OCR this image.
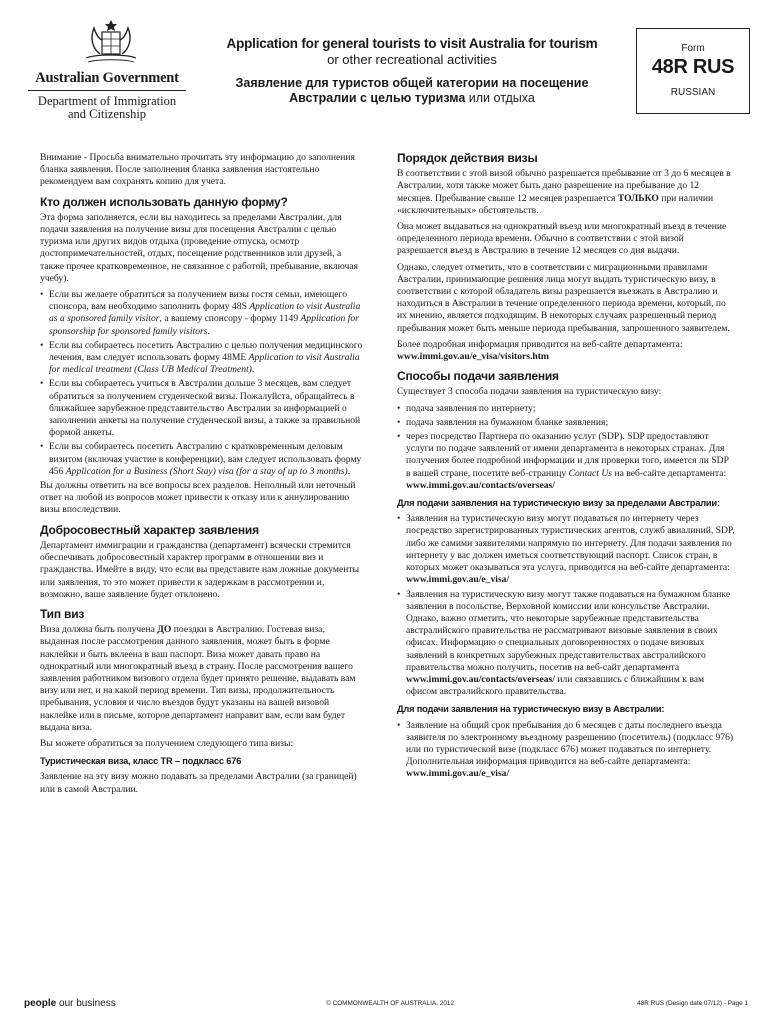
Australian Government
Department of Immigration
and Citizenship
Application for general tourists to visit Australia for tourism
or other recreational activities
Заявление для туристов общей категории на посещение
Австралии с целью туризма или отдыха
Form
48R RUS
RUSSIAN

Внимание - Просьба внимательно прочитать эту информацию до заполнения бланка заявления. После заполнения бланка заявления настоятельно рекомендуем вам сохранять копию для учета.

Кто должен использовать данную форму?

Эта форма заполняется, если вы находитесь за пределами Австралии, для подачи заявления на получение визы для посещения Австралии с целью туризма или других видов отдыха (проведение отпуска, осмотр достопримечательностей, отдых, посещение родственников или друзей, а также прочее кратковременное, не связанное с работой, пребывание, включая учебу).

• Если вы желаете обратиться за получением визы гостя семьи, имеющего спонсора, вам необходимо заполнить форму 48S Application to visit Australia as a sponsored family visitor, а вашему спонсору - форму 1149 Application for sponsorship for sponsored family visitors.
• Если вы собираетесь посетить Австралию с целью получения медицинского лечения, вам следует использовать форму 48ME Application to visit Australia for medical treatment (Class UB Medical Treatment).
• Если вы собираетесь учиться в Австралии дольше 3 месяцев, вам следует обратиться за получением студенческой визы. Пожалуйста, обращайтесь в ближайшее зарубежное представительство Австралии за информацией о заполнении анкеты на получение студенческой визы, а также за правильной формой анкеты.
• Если вы собираетесь посетить Австралию с кратковременным деловым визитом (включая участие в конференции), вам следует использовать форму 456 Application for a Business (Short Stay) visa (for a stay of up to 3 months).

Вы должны ответить на все вопросы всех разделов. Неполный или неточный ответ на любой из вопросов может привести к отказу или к аннулированию визы впоследствии.

Добросовестный характер заявления

Департамент иммиграции и гражданства (департамент) всячески стремится обеспечивать добросовестный характер программ в отношении виз и гражданства. Имейте в виду, что если вы представите нам ложные документы или заявления, то это может привести к задержкам в рассмотрении и, возможно, ваше заявление будет отклонено.

Тип виз

Виза должна быть получена ДО поездки в Австралию. Гостевая виза, выданная после рассмотрения данного заявления, может быть в форме наклейки и быть вклеена в ваш паспорт. Виза может давать право на однократный или многократный въезд в страну. После рассмотрения вашего заявления работником визового отдела будет принято решение, выдавать вам визу или нет, и на какой период времени. Тип визы, продолжительность пребывания, условия и число въездов будут указаны на вашей визовой наклейке или в письме, которое департамент направит вам, если вам будет выдана виза.

Вы можете обратиться за получением следующего типа визы:

Туристическая виза, класс TR – подкласс 676

Заявление на эту визу можно подавать за пределами Австралии (за границей) или в самой Австралии.

Порядок действия визы

В соответствии с этой визой обычно разрешается пребывание от 3 до 6 месяцев в Австралии, хотя также может быть дано разрешение на пребывание до 12 месяцев. Пребывание свыше 12 месяцев разрешается ТОЛЬКО при наличии «исключительных» обстоятельств.

Она может выдаваться на однократный въезд или многократный въезд в течение определенного периода времени. Обычно в соответствии с этой визой разрешается въезд в Австралию в течение 12 месяцев со дня выдачи.

Однако, следует отметить, что в соответствии с миграционными правилами Австралии, принимающие решения лица могут выдать туристическую визу, в соответствии с которой обладатель визы разрешается въезжать в Австралию и находиться в Австралии в течение определенного периода времени, который, по их мнению, является подходящим. В некоторых случаях разрешенный период пребывания может быть меньше периода пребывания, запрошенного заявителем.

Более подробная информация приводится на веб-сайте департамента:
www.immi.gov.au/e_visa/visitors.htm

Способы подачи заявления

Существует 3 способа подачи заявления на туристическую визу:

• подача заявления по интернету;
• подача заявления на бумажном бланке заявления;
• через посредство Партнера по оказанию услуг (SDP). SDP предоставляют услуги по подаче заявлений от имени департамента в некоторых странах. Для получения более подробной информации и для проверки того, имеется ли SDP в вашей стране, посетите веб-страницу Contact Us на веб-сайте департамента:
www.immi.gov.au/contacts/overseas/
Для подачи заявления на туристическую визу за пределами Австралии:
• Заявления на туристическую визу могут подаваться по интернету через посредство зарегистрированных туристических агентов, служб авиалиний, SDP, либо же самими заявителями напрямую по интернету. Для подачи заявления по интернету у вас должен иметься соответствующий паспорт. Список стран, в которых может оказываться эта услуга, приводится на веб-сайте департамента:
www.immi.gov.au/e_visa/
• Заявления на туристическую визу могут также подаваться на бумажном бланке заявления в посольстве, Верховной комиссии или консульстве Австралии. Однако, важно отметить, что некоторые зарубежные представительства австралийского правительства не рассматривают визовые заявления в своих офисах. Информацию о специальных договоренностях о подаче визовых заявлений в конкретных зарубежных представительствах австралийского правительства можно получить, посетив на веб-сайт департамента www.immi.gov.au/contacts/overseas/ или связавшись с ближайшим к вам офисом австралийского правительства.
Для подачи заявления на туристическую визу в Австралии:
• Заявление на общий срок пребывания до 6 месяцев с даты последнего въезда заявителя по электронному въездному разрешению (посетитель) (подкласс 976) или по туристической визе (подкласс 676) может подаваться по интернету. Дополнительная информация приводится на веб-сайте департамента: www.immi.gov.au/e_visa/
people our business	© COMMONWEALTH OF AUSTRALIA, 2012	48R RUS (Design date 07/12) - Page 1
